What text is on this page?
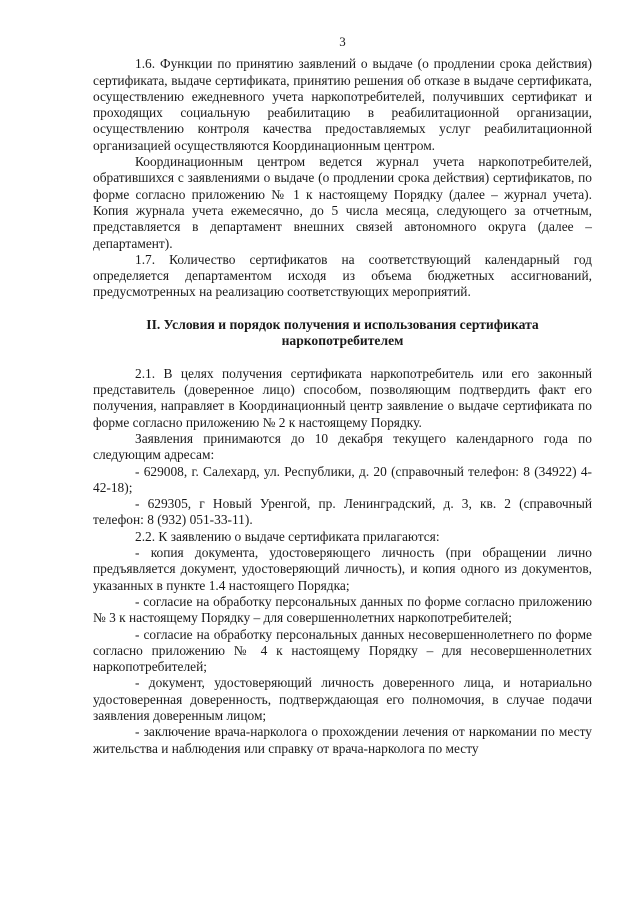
3

1.6. Функции по принятию заявлений о выдаче (о продлении срока действия) сертификата, выдаче сертификата, принятию решения об отказе в выдаче сертификата, осуществлению ежедневного учета наркопотребителей, получивших сертификат и проходящих социальную реабилитацию в реабилитационной организации, осуществлению контроля качества предоставляемых услуг реабилитационной организацией осуществляются Координационным центром.

Координационным центром ведется журнал учета наркопотребителей, обратившихся с заявлениями о выдаче (о продлении срока действия) сертификатов, по форме согласно приложению № 1 к настоящему Порядку (далее – журнал учета). Копия журнала учета ежемесячно, до 5 числа месяца, следующего за отчетным, представляется в департамент внешних связей автономного округа (далее – департамент).

1.7. Количество сертификатов на соответствующий календарный год определяется департаментом исходя из объема бюджетных ассигнований, предусмотренных на реализацию соответствующих мероприятий.

II. Условия и порядок получения и использования сертификата наркопотребителем

2.1. В целях получения сертификата наркопотребитель или его законный представитель (доверенное лицо) способом, позволяющим подтвердить факт его получения, направляет в Координационный центр заявление о выдаче сертификата по форме согласно приложению № 2 к настоящему Порядку.

Заявления принимаются до 10 декабря текущего календарного года по следующим адресам:

- 629008, г. Салехард, ул. Республики, д. 20 (справочный телефон: 8 (34922) 4-42-18);

- 629305, г Новый Уренгой, пр. Ленинградский, д. 3, кв. 2 (справочный телефон: 8 (932) 051-33-11).

2.2. К заявлению о выдаче сертификата прилагаются:

- копия документа, удостоверяющего личность (при обращении лично предъявляется документ, удостоверяющий личность), и копия одного из документов, указанных в пункте 1.4 настоящего Порядка;

- согласие на обработку персональных данных по форме согласно приложению № 3 к настоящему Порядку – для совершеннолетних наркопотребителей;

- согласие на обработку персональных данных несовершеннолетнего по форме согласно приложению № 4 к настоящему Порядку – для несовершеннолетних наркопотребителей;

- документ, удостоверяющий личность доверенного лица, и нотариально удостоверенная доверенность, подтверждающая его полномочия, в случае подачи заявления доверенным лицом;

- заключение врача-нарколога о прохождении лечения от наркомании по месту жительства и наблюдения или справку от врача-нарколога по месту
